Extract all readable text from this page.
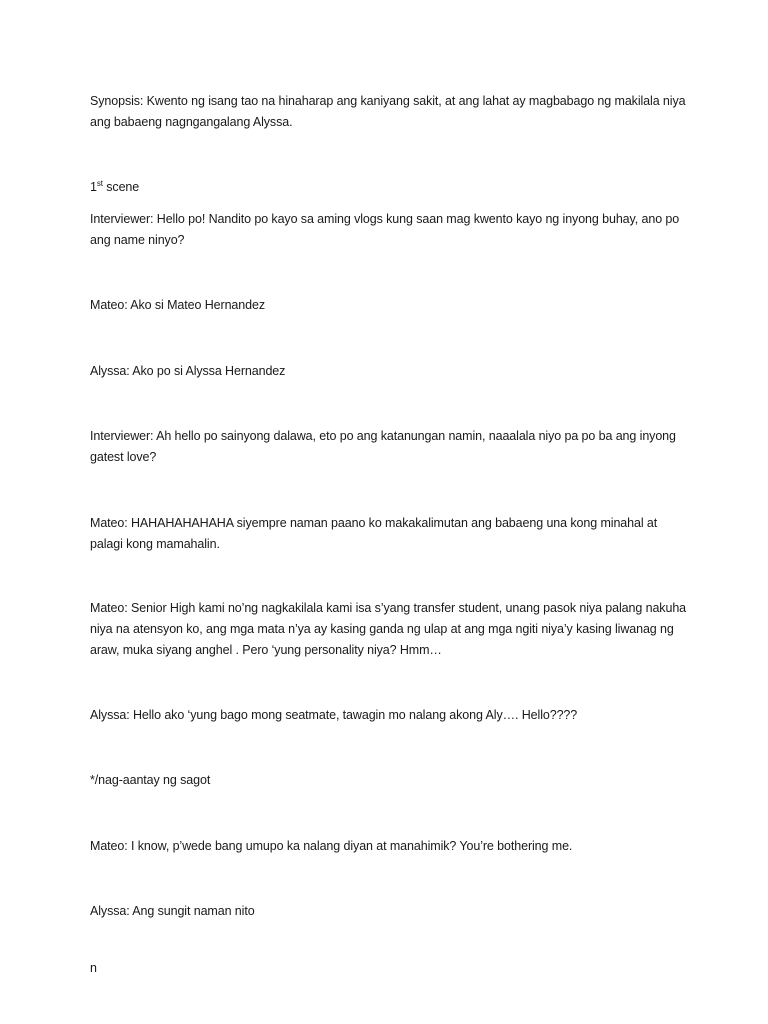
Synopsis: Kwento ng isang tao na hinaharap ang kaniyang sakit, at ang lahat ay magbabago ng makilala niya ang babaeng nagngangalang Alyssa.

1st scene

Interviewer: Hello po! Nandito po kayo sa aming vlogs kung saan mag kwento kayo ng inyong buhay, ano po ang name ninyo?

Mateo: Ako si Mateo Hernandez

Alyssa: Ako po si Alyssa Hernandez

Interviewer: Ah hello po sainyong dalawa, eto po ang katanungan namin, naaalala niyo pa po ba ang inyong gatest love?

Mateo: HAHAHAHAHAHA siyempre naman paano ko makakalimutan ang babaeng una kong minahal at palagi kong mamahalin.

Mateo: Senior High kami no’ng nagkakilala kami isa s’yang transfer student, unang pasok niya palang nakuha niya na atensyon ko, ang mga mata n’ya ay kasing ganda ng ulap at ang mga ngiti niya’y kasing liwanag ng araw, muka siyang anghel . Pero ‘yung personality niya? Hmm…

Alyssa: Hello ako ‘yung bago mong seatmate, tawagin mo nalang akong Aly…. Hello????

*/nag-aantay ng sagot

Mateo: I know, p’wede bang umupo ka nalang diyan at manahimik? You’re bothering me.

Alyssa: Ang sungit naman nito

n
